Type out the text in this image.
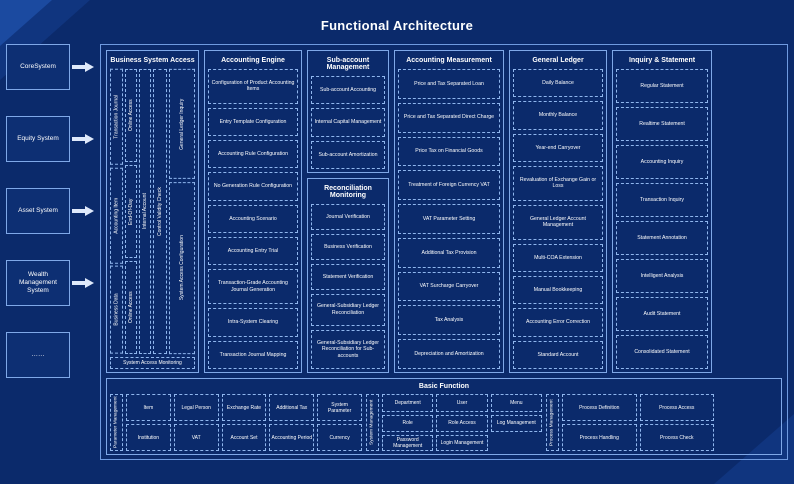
Functional Architecture
CoreSystem
Equity System
Asset System
Wealth Management System
……
Business System Access
Transaction Journal
Accounting Item
Business Data
Online Access
End-Of-Day
Online Access
Internal Account	Control Validity Check
General Ledger Inquiry
System Access Configuration
System Access Monitoring
Accounting Engine
Configuration of Product Accounting Items
Entry Template Configuration
Accounting Rule Configuration
No Generation Rule Configuration
Accounting Scenario
Accounting Entry Trial
Transaction-Grade Accounting Journal Generation
Intra-System Clearing
Transaction Journal Mapping
Sub-account Management
Sub-account Accounting
Internal Capital Management
Sub-account Amortization
Reconciliation Monitoring
Journal Verification
Business Verification
Statement Verification
General-Subsidiary Ledger Reconciliation
General-Subsidiary Ledger Reconciliation for Sub-accounts
Accounting Measurement
Price and Tax Separated Loan
Price and Tax Separated Direct Charge
Price Tax on Financial Goods
Treatment of Foreign Currency VAT
VAT Parameter Setting
Additional Tax Provision
VAT Surcharge Carryover
Tax Analysis
Depreciation and Amortization
General Ledger
Daily Balance
Monthly Balance
Year-end Carryover
Revaluation of Exchange Gain or Loss
General Ledger Account Management
Multi-COA Extension
Manual Bookkeeping
Accounting Error Correction
Standard Account
Inquiry & Statement
Regular Statement
Realtime Statement
Accounting Inquiry
Transaction Inquiry
Statement Annotation
Intelligent Analysis
Audit Statement
Consolidated Statement
Basic Function
Parameter Management	Item	Legal Person	Exchange Rate	Additional Tax	System Parameter
Institution	VAT	Account Set	Accounting Period	Currency	System Management	Department	User
Role	Role Access
Password Management	Login Management
Menu
Log Management	Process Management	Process Definition	Process Access
Process Handling	Process Check
